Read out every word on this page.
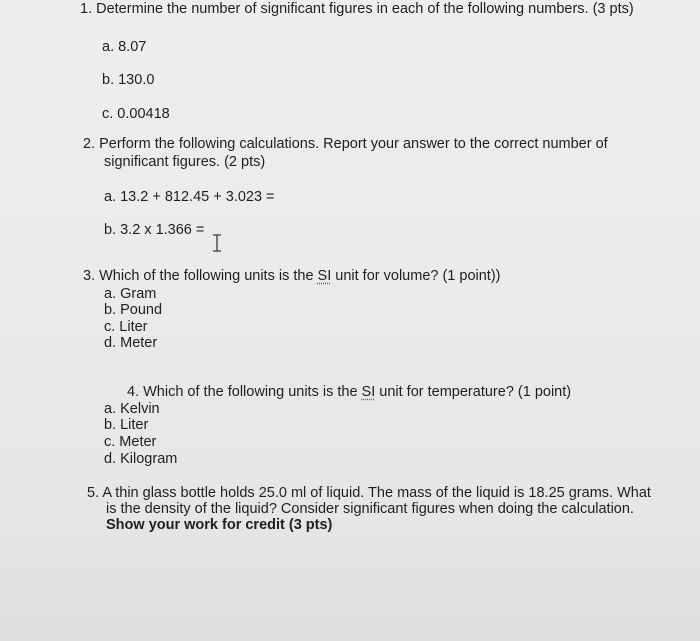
1. Determine the number of significant figures in each of the following numbers. (3 pts)
a. 8.07
b. 130.0
c. 0.00418
2. Perform the following calculations. Report your answer to the correct number of
significant figures. (2 pts)
a. 13.2 + 812.45 + 3.023 =
b. 3.2 x 1.366 =
3. Which of the following units is the SI unit for volume? (1 point))
a. Gram
b. Pound
c. Liter
d. Meter
4. Which of the following units is the SI unit for temperature? (1 point)
a. Kelvin
b. Liter
c. Meter
d. Kilogram
5. A thin glass bottle holds 25.0 ml of liquid. The mass of the liquid is 18.25 grams. What
is the density of the liquid? Consider significant figures when doing the calculation.
Show your work for credit (3 pts)
